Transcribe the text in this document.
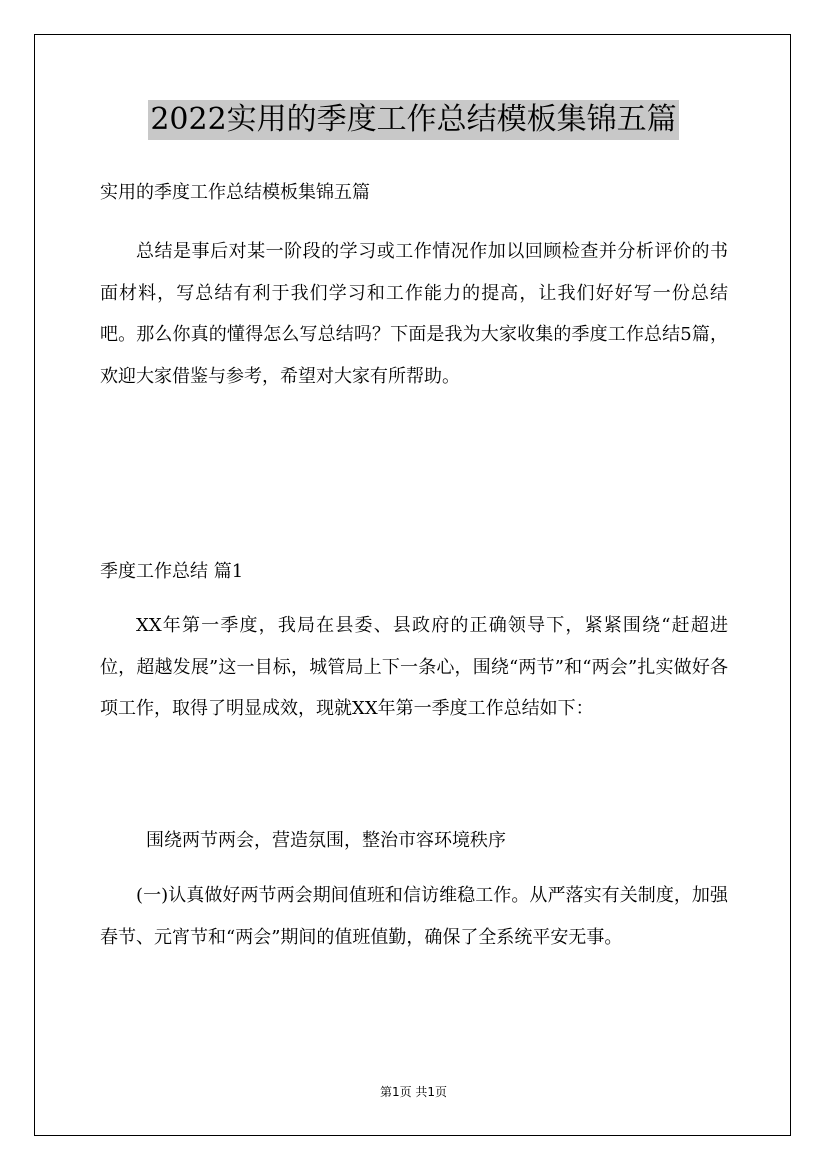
2022实用的季度工作总结模板集锦五篇
实用的季度工作总结模板集锦五篇

总结是事后对某一阶段的学习或工作情况作加以回顾检查并分析评价的书面材料，写总结有利于我们学习和工作能力的提高，让我们好好写一份总结吧。那么你真的懂得怎么写总结吗？下面是我为大家收集的季度工作总结5篇，欢迎大家借鉴与参考，希望对大家有所帮助。

季度工作总结 篇1

XX年第一季度，我局在县委、县政府的正确领导下，紧紧围绕“赶超进位，超越发展”这一目标，城管局上下一条心，围绕“两节”和“两会”扎实做好各项工作，取得了明显成效，现就XX年第一季度工作总结如下：

围绕两节两会，营造氛围，整治市容环境秩序

(一)认真做好两节两会期间值班和信访维稳工作。从严落实有关制度，加强春节、元宵节和“两会”期间的值班值勤，确保了全系统平安无事。

第1页 共1页
